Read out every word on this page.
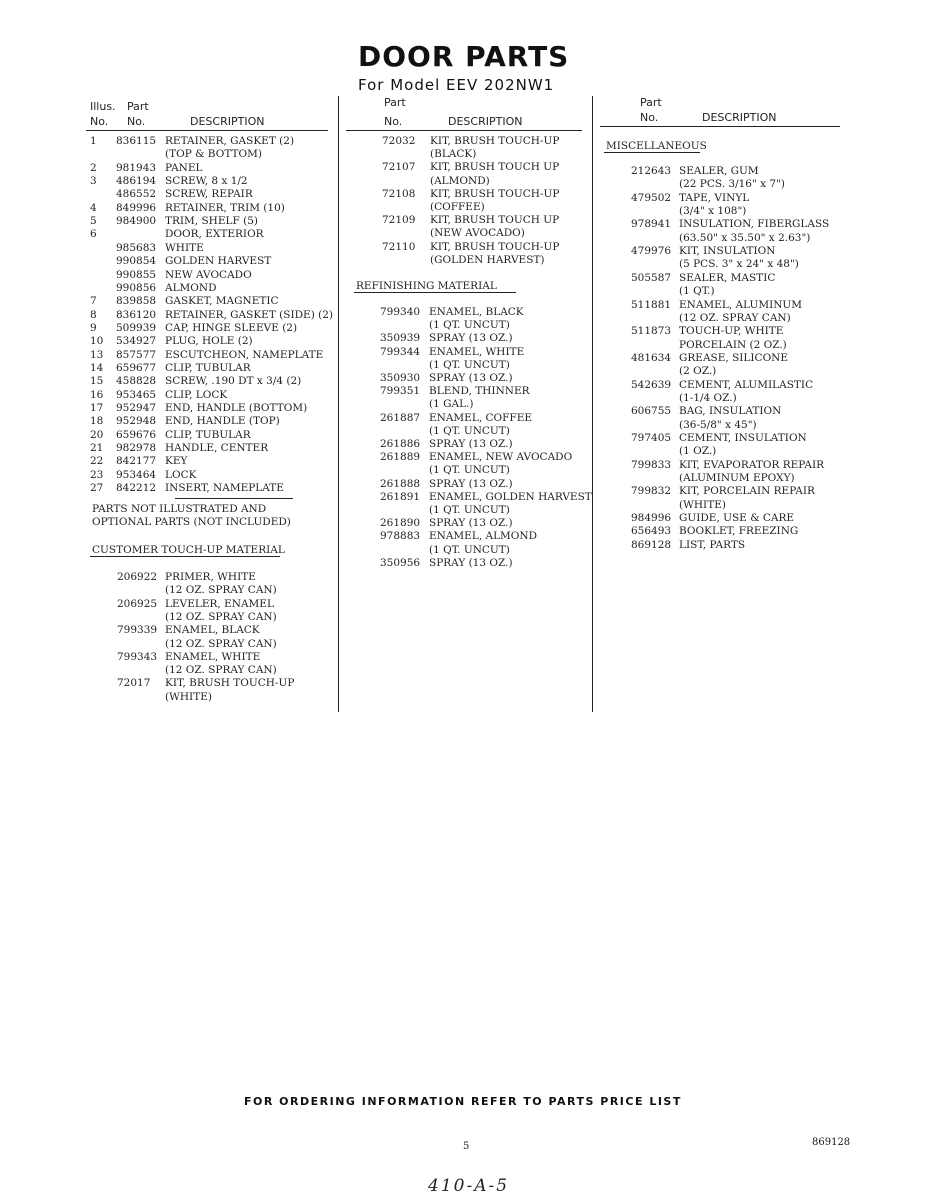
DOOR PARTS
For Model EEV 202NW1
Illus. Part
No. No.	DESCRIPTION
1 836115 RETAINER, GASKET (2)
(TOP & BOTTOM)
2 981943 PANEL
3 486194 SCREW, 8 x 1/2
486552 SCREW, REPAIR
4 849996 RETAINER, TRIM (10)
5 984900 TRIM, SHELF (5)
6	DOOR, EXTERIOR
985683 WHITE
990854 GOLDEN HARVEST
990855 NEW AVOCADO
990856 ALMOND
7 839858 GASKET, MAGNETIC
8 836120 RETAINER, GASKET (SIDE) (2)
9 509939 CAP, HINGE SLEEVE (2)
10 534927 PLUG, HOLE (2)
13 857577 ESCUTCHEON, NAMEPLATE
14 659677 CLIP, TUBULAR
15 458828 SCREW, .190 DT x 3/4 (2)
16 953465 CLIP, LOCK
17 952947 END, HANDLE (BOTTOM)
18 952948 END, HANDLE (TOP)
20 659676 CLIP, TUBULAR
21 982978 HANDLE, CENTER
22 842177 KEY
23 953464 LOCK
27 842212 INSERT, NAMEPLATE
PARTS NOT ILLUSTRATED AND
OPTIONAL PARTS (NOT INCLUDED)
CUSTOMER TOUCH-UP MATERIAL
206922 PRIMER, WHITE
(12 OZ. SPRAY CAN)
206925 LEVELER, ENAMEL
(12 OZ. SPRAY CAN)
799339 ENAMEL, BLACK
(12 OZ. SPRAY CAN)
799343 ENAMEL, WHITE
(12 OZ. SPRAY CAN)
72017 KIT, BRUSH TOUCH-UP
(WHITE)
Part
No.	DESCRIPTION
72032 KIT, BRUSH TOUCH-UP
(BLACK)
72107 KIT, BRUSH TOUCH UP
(ALMOND)
72108 KIT, BRUSH TOUCH-UP
(COFFEE)
72109 KIT, BRUSH TOUCH UP
(NEW AVOCADO)
72110 KIT, BRUSH TOUCH-UP
(GOLDEN HARVEST)
REFINISHING MATERIAL
799340 ENAMEL, BLACK
(1 QT. UNCUT)
350939 SPRAY (13 OZ.)
799344 ENAMEL, WHITE
(1 QT. UNCUT)
350930 SPRAY (13 OZ.)
799351 BLEND, THINNER
(1 GAL.)
261887 ENAMEL, COFFEE
(1 QT. UNCUT)
261886 SPRAY (13 OZ.)
261889 ENAMEL, NEW AVOCADO
(1 QT. UNCUT)
261888 SPRAY (13 OZ.)
261891 ENAMEL, GOLDEN HARVEST
(1 QT. UNCUT)
261890 SPRAY (13 OZ.)
978883 ENAMEL, ALMOND
(1 QT. UNCUT)
350956 SPRAY (13 OZ.)
Part
No.	DESCRIPTION
MISCELLANEOUS
212643 SEALER, GUM
(22 PCS. 3/16" x 7")
479502 TAPE, VINYL
(3/4" x 108")
978941 INSULATION, FIBERGLASS
(63.50" x 35.50" x 2.63")
479976 KIT, INSULATION
(5 PCS. 3" x 24" x 48")
505587 SEALER, MASTIC
(1 QT.)
511881 ENAMEL, ALUMINUM
(12 OZ. SPRAY CAN)
511873 TOUCH-UP, WHITE
PORCELAIN (2 OZ.)
481634 GREASE, SILICONE
(2 OZ.)
542639 CEMENT, ALUMILASTIC
(1-1/4 OZ.)
606755 BAG, INSULATION
(36-5/8" x 45")
797405 CEMENT, INSULATION
(1 OZ.)
799833 KIT, EVAPORATOR REPAIR
(ALUMINUM EPOXY)
799832 KIT, PORCELAIN REPAIR
(WHITE)
984996 GUIDE, USE & CARE
656493 BOOKLET, FREEZING
869128 LIST, PARTS
FOR ORDERING INFORMATION REFER TO PARTS PRICE LIST
5	869128
410-A-5
